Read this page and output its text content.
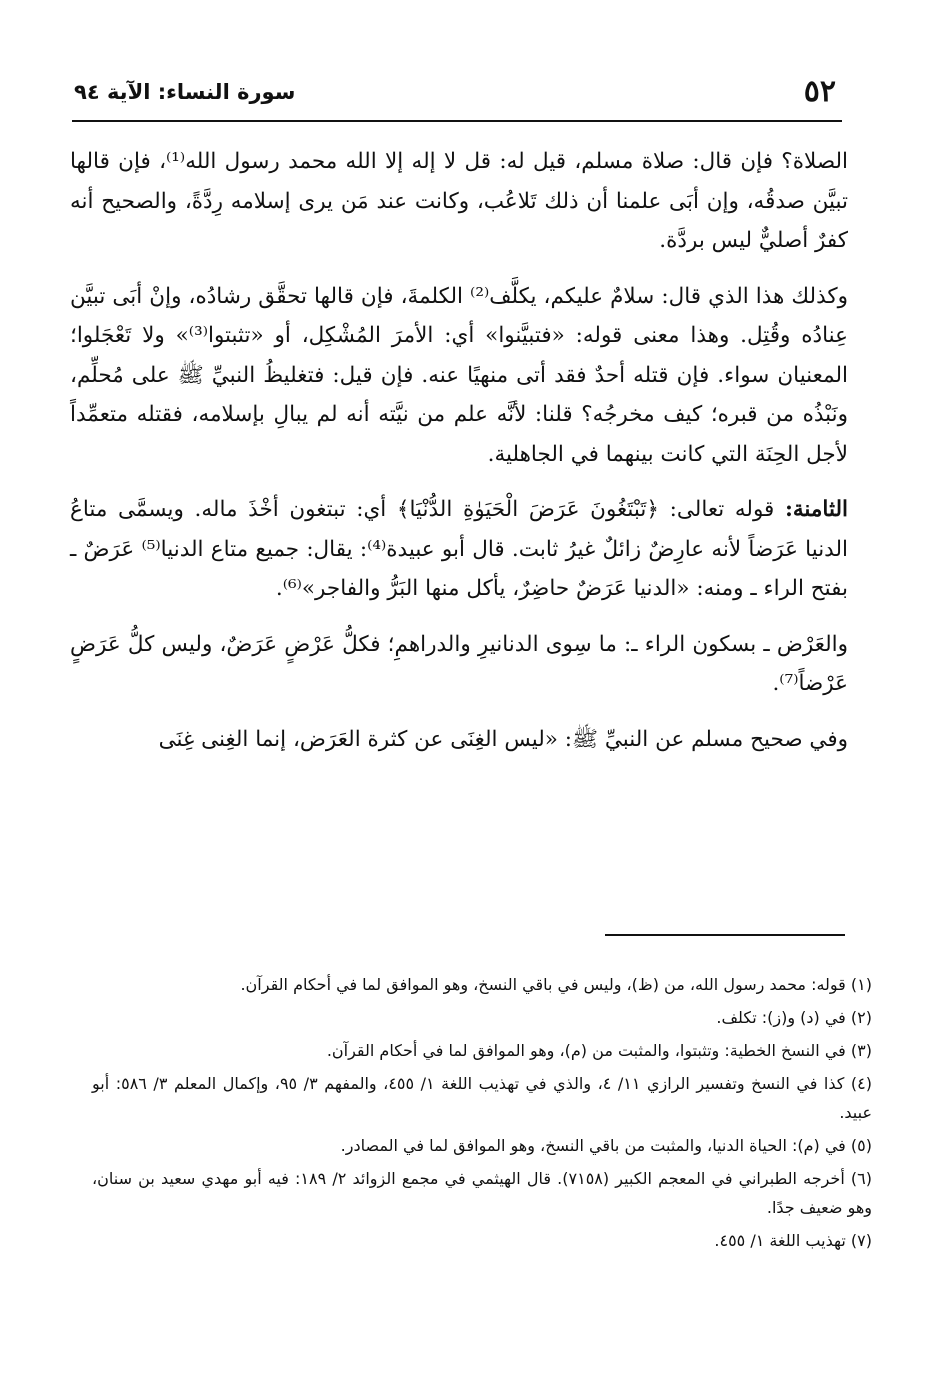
٥٢
سورة النساء: الآية ٩٤

الصلاة؟ فإن قال: صلاة مسلم، قيل له: قل لا إله إلا الله محمد رسول الله⁽¹⁾، فإن قالها تبيَّن صدقُه، وإن أبَى علمنا أن ذلك تَلاعُب، وكانت عند مَن يرى إسلامه رِدَّةً، والصحيح أنه كفرٌ أصليٌّ ليس بردَّة.

وكذلك هذا الذي قال: سلامٌ عليكم، يكلَّف⁽²⁾ الكلمةَ، فإن قالها تحقَّق رشادُه، وإنْ أبَى تبيَّن عِنادُه وقُتِل. وهذا معنى قوله: «فتبيَّنوا» أي: الأمرَ المُشْكِل، أو «تثبتوا⁽³⁾» ولا تَعْجَلوا؛ المعنيان سواء. فإن قتله أحدٌ فقد أتى منهيًا عنه. فإن قيل: فتغليظُ النبيِّ ﷺ على مُحلِّم، ونَبْذُه من قبره؛ كيف مخرجُه؟ قلنا: لأنَّه علم من نيَّته أنه لم يبالِ بإسلامه، فقتله متعمِّداً لأجل الحِنَة التي كانت بينهما في الجاهلية.

الثامنة: قوله تعالى: ﴿تَبْتَغُونَ عَرَضَ الْحَيَوٰةِ الدُّنْيَا﴾ أي: تبتغون أخْذَ ماله. ويسمَّى متاعُ الدنيا عَرَضاً لأنه عارِضٌ زائلٌ غيرُ ثابت. قال أبو عبيدة⁽⁴⁾: يقال: جميع متاع الدنيا⁽⁵⁾ عَرَضٌ ـ بفتح الراء ـ ومنه: «الدنيا عَرَضٌ حاضِرٌ، يأكل منها البَرُّ والفاجر»⁽⁶⁾.

والعَرْض ـ بسكون الراء ـ: ما سِوى الدنانيرِ والدراهمِ؛ فكلُّ عَرْضٍ عَرَضٌ، وليس كلُّ عَرَضٍ عَرْضاً⁽⁷⁾.

وفي صحيح مسلم عن النبيِّ ﷺ: «ليس الغِنَى عن كثرة العَرَض، إنما الغِنى غِنَى

(١) قوله: محمد رسول الله، من (ظ)، وليس في باقي النسخ، وهو الموافق لما في أحكام القرآن.

(٢) في (د) و(ز): تكلف.

(٣) في النسخ الخطية: وتثبتوا، والمثبت من (م)، وهو الموافق لما في أحكام القرآن.

(٤) كذا في النسخ وتفسير الرازي ١١/ ٤، والذي في تهذيب اللغة ١/ ٤٥٥، والمفهم ٣/ ٩٥، وإكمال المعلم ٣/ ٥٨٦: أبو عبيد.

(٥) في (م): الحياة الدنيا، والمثبت من باقي النسخ، وهو الموافق لما في المصادر.

(٦) أخرجه الطبراني في المعجم الكبير (٧١٥٨). قال الهيثمي في مجمع الزوائد ٢/ ١٨٩: فيه أبو مهدي سعيد بن سنان، وهو ضعيف جدًا.

(٧) تهذيب اللغة ١/ ٤٥٥.
